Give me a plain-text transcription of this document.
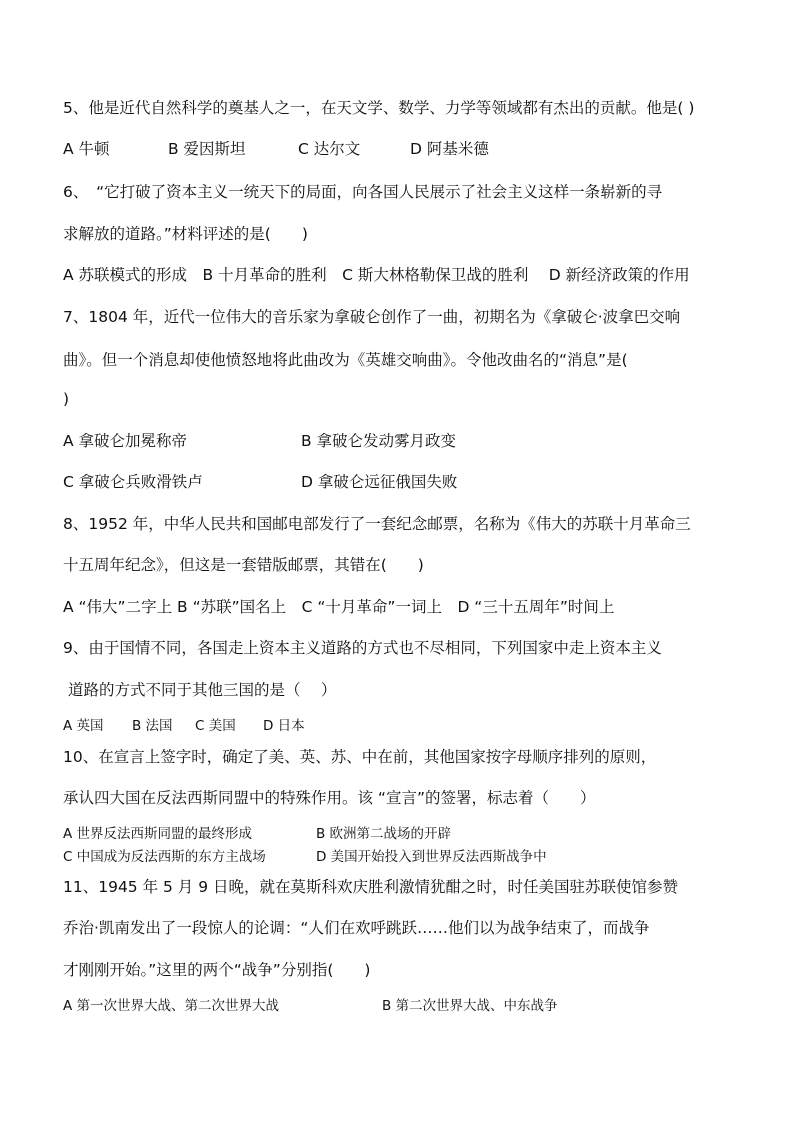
5、他是近代自然科学的奠基人之一，在天文学、数学、力学等领域都有杰出的贡献。他是( )
A 牛顿	B 爱因斯坦	C 达尔文	D 阿基米德
6、　“它打破了资本主义一统天下的局面，向各国人民展示了社会主义这样一条崭新的寻
求解放的道路。”材料评述的是(　　)
A 苏联模式的形成　B 十月革命的胜利　C 斯大林格勒保卫战的胜利　 D 新经济政策的作用
7、1804 年，近代一位伟大的音乐家为拿破仑创作了一曲，初期名为《拿破仑·波拿巴交响
曲》。但一个消息却使他愤怒地将此曲改为《英雄交响曲》。令他改曲名的“消息”是(
)
A 拿破仑加冕称帝	B 拿破仑发动雾月政变
C 拿破仑兵败滑铁卢	D 拿破仑远征俄国失败
8、1952 年，中华人民共和国邮电部发行了一套纪念邮票，名称为《伟大的苏联十月革命三
十五周年纪念》，但这是一套错版邮票，其错在(　　)
A “伟大”二字上 B “苏联”国名上　C “十月革命”一词上　D “三十五周年”时间上
9、由于国情不同，各国走上资本主义道路的方式也不尽相同，下列国家中走上资本主义
道路的方式不同于其他三国的是（　 ）
A 英国 B 法国 C 美国 D 日本
10、在宣言上签字时，确定了美、英、苏、中在前，其他国家按字母顺序排列的原则，
承认四大国在反法西斯同盟中的特殊作用。该 “宣言”的签署，标志着（　　）
A 世界反法西斯同盟的最终形成	B 欧洲第二战场的开辟
C 中国成为反法西斯的东方主战场	D 美国开始投入到世界反法西斯战争中
11、1945 年 5 月 9 日晚，就在莫斯科欢庆胜利激情犹酣之时，时任美国驻苏联使馆参赞
乔治·凯南发出了一段惊人的论调：“人们在欢呼跳跃……他们以为战争结束了，而战争
才刚刚开始。”这里的两个“战争”分别指(　　)
A 第一次世界大战、第二次世界大战	B 第二次世界大战、中东战争
